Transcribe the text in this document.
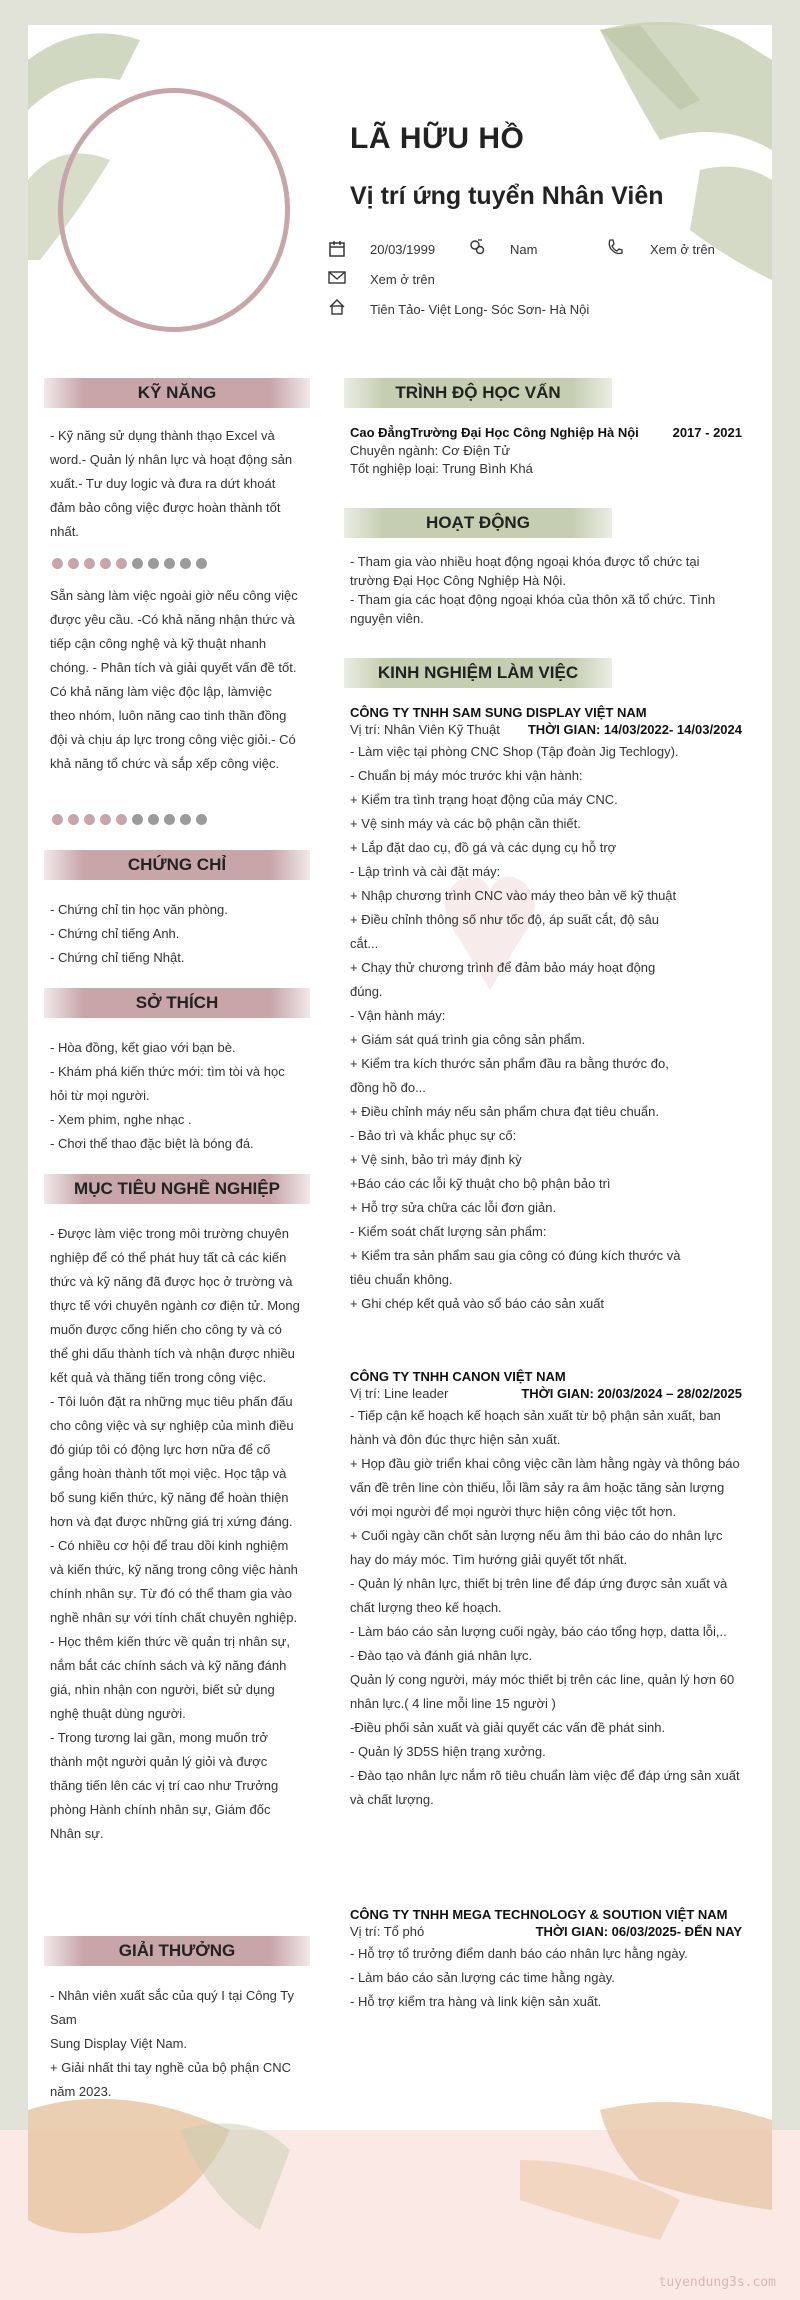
LÃ HỮU HỒ
Vị trí ứng tuyển Nhân Viên
20/03/1999	Nam	Xem ở trên
Xem ở trên
Tiên Tảo- Việt Long- Sóc Sơn- Hà Nội
KỸ NĂNG
- Kỹ năng sử dụng thành thạo Excel và word.- Quản lý nhân lực và hoạt động sản xuất.- Tư duy logic và đưa ra dứt khoát đảm bảo công việc được hoàn thành tốt nhất.
Sẵn sàng làm việc ngoài giờ nếu công việc được yêu cầu. -Có khả năng nhận thức và tiếp cận công nghệ và kỹ thuật nhanh chóng. - Phân tích và giải quyết vấn đề tốt. Có khả năng làm việc độc lập, làmviệc theo nhóm, luôn năng cao tinh thần đồng đội và chịu áp lực trong công việc giỏi.- Có khả năng tổ chức và sắp xếp công việc.
CHỨNG CHỈ

- Chứng chỉ tin học văn phòng.

- Chứng chỉ tiếng Anh.

- Chứng chỉ tiếng Nhật.

SỞ THÍCH

- Hòa đồng, kết giao với bạn bè.

- Khám phá kiến thức mới: tìm tòi và học hỏi từ mọi người.

- Xem phim, nghe nhạc .

- Chơi thể thao đặc biệt là bóng đá.

MỤC TIÊU NGHỀ NGHIỆP

- Được làm việc trong môi trường chuyên nghiệp để có thể phát huy tất cả các kiến thức và kỹ năng đã được học ở trường và thực tế với chuyên ngành cơ điện tử. Mong muốn được cống hiến cho công ty và có thể ghi dấu thành tích và nhận được nhiều kết quả và thăng tiến trong công việc.

- Tôi luôn đặt ra những mục tiêu phấn đấu cho công việc và sự nghiệp của mình điều đó giúp tôi có động lực hơn nữa để cố gắng hoàn thành tốt mọi việc. Học tập và bổ sung kiến thức, kỹ năng để hoàn thiện hơn và đạt được những giá trị xứng đáng.

- Có nhiều cơ hội để trau dồi kinh nghiệm và kiến thức, kỹ năng trong công việc hành chính nhân sự. Từ đó có thể tham gia vào nghề nhân sự với tính chất chuyên nghiệp.

- Học thêm kiến thức về quản trị nhân sự, nắm bắt các chính sách và kỹ năng đánh giá, nhìn nhận con người, biết sử dụng nghệ thuật dùng người.

- Trong tương lai gần, mong muốn trở thành một người quản lý giỏi và được thăng tiến lên các vị trí cao như Trưởng phòng Hành chính nhân sự, Giám đốc Nhân sự.

GIẢI THƯỞNG

- Nhân viên xuất sắc của quý I tại Công Ty Sam

Sung Display Việt Nam.

+ Giải nhất thi tay nghề của bộ phận CNC năm 2023.

TRÌNH ĐỘ HỌC VẤN
Cao ĐẳngTrường Đại Học Công Nghiệp Hà Nội	2017 - 2021

Chuyên ngành: Cơ Điện Tử

Tốt nghiệp loại: Trung Bình Khá

HOẠT ĐỘNG

- Tham gia vào nhiều hoạt động ngoại khóa được tổ chức tại trường Đại Học Công Nghiệp Hà Nội.

- Tham gia các hoạt động ngoại khóa của thôn xã tổ chức. Tình nguyện viên.

KINH NGHIỆM LÀM VIỆC

CÔNG TY TNHH SAM SUNG DISPLAY VIỆT NAM

Vị trí: Nhân Viên Kỹ Thuật THỜI GIAN: 14/03/2022- 14/03/2024

- Làm việc tại phòng CNC Shop (Tập đoàn Jig Techlogy).

- Chuẩn bị máy móc trước khi vận hành:

+ Kiểm tra tình trạng hoạt động của máy CNC.

+ Vệ sinh máy và các bộ phận cần thiết.

+ Lắp đặt dao cụ, đồ gá và các dụng cụ hỗ trợ

- Lập trình và cài đặt máy:

+ Nhập chương trình CNC vào máy theo bản vẽ kỹ thuật

+ Điều chỉnh thông số như tốc độ, áp suất cắt, độ sâu cắt...

+ Chạy thử chương trình để đảm bảo máy hoạt động đúng.

- Vận hành máy:

+ Giám sát quá trình gia công sản phẩm.

+ Kiểm tra kích thước sản phẩm đầu ra bằng thước đo, đồng hồ đo...

+ Điều chỉnh máy nếu sản phẩm chưa đạt tiêu chuẩn.

- Bảo trì và khắc phục sự cố:

+ Vệ sinh, bảo trì máy định kỳ

+Báo cáo các lỗi kỹ thuật cho bộ phận bảo trì

+ Hỗ trợ sửa chữa các lỗi đơn giản.

- Kiểm soát chất lượng sản phẩm:

+ Kiểm tra sản phẩm sau gia công có đúng kích thước và tiêu chuẩn không.

+ Ghi chép kết quả vào sổ báo cáo sản xuất

CÔNG TY TNHH CANON VIỆT NAM

Vị trí: Line leader	THỜI GIAN: 20/03/2024 – 28/02/2025

- Tiếp cận kế hoạch kế hoạch sản xuất từ bộ phận sản xuất, ban hành và đôn đúc thực hiện sản xuất.

+ Họp đầu giờ triển khai công việc cần làm hằng ngày và thông báo vấn đề trên line còn thiếu, lỗi lầm sảy ra âm hoặc tăng sản lượng với mọi người để mọi người thực hiện công việc tốt hơn.

+ Cuối ngày cần chốt sản lượng nếu âm thì báo cáo do nhân lực

hay do máy móc. Tìm hướng giải quyết tốt nhất.

- Quản lý nhân lực, thiết bị trên line để đáp ứng được sản xuất và

chất lượng theo kế hoạch.

- Làm báo cáo sản lượng cuối ngày, báo cáo tổng hợp, datta lỗi,..

- Đào tạo và đánh giá nhân lực.

Quản lý cong người, máy móc thiết bị trên các line, quản lý hơn 60 nhân lực.( 4 line mỗi line 15 người )

-Điều phối sản xuất và giải quyết các vấn đề phát sinh.

- Quản lý 3D5S hiện trạng xưởng.

- Đào tạo nhân lực nắm rõ tiêu chuẩn làm việc để đáp ứng sản xuất và chất lượng.

CÔNG TY TNHH MEGA TECHNOLOGY & SOUTION VIỆT NAM

Vị trí: Tổ phó	THỜI GIAN: 06/03/2025- ĐẾN NAY

- Hỗ trợ tổ trưởng điểm danh báo cáo nhân lực hằng ngày.

- Làm báo cáo sản lượng các time hằng ngày.

- Hỗ trợ kiểm tra hàng và link kiện sản xuất.

tuyendung3s.com
